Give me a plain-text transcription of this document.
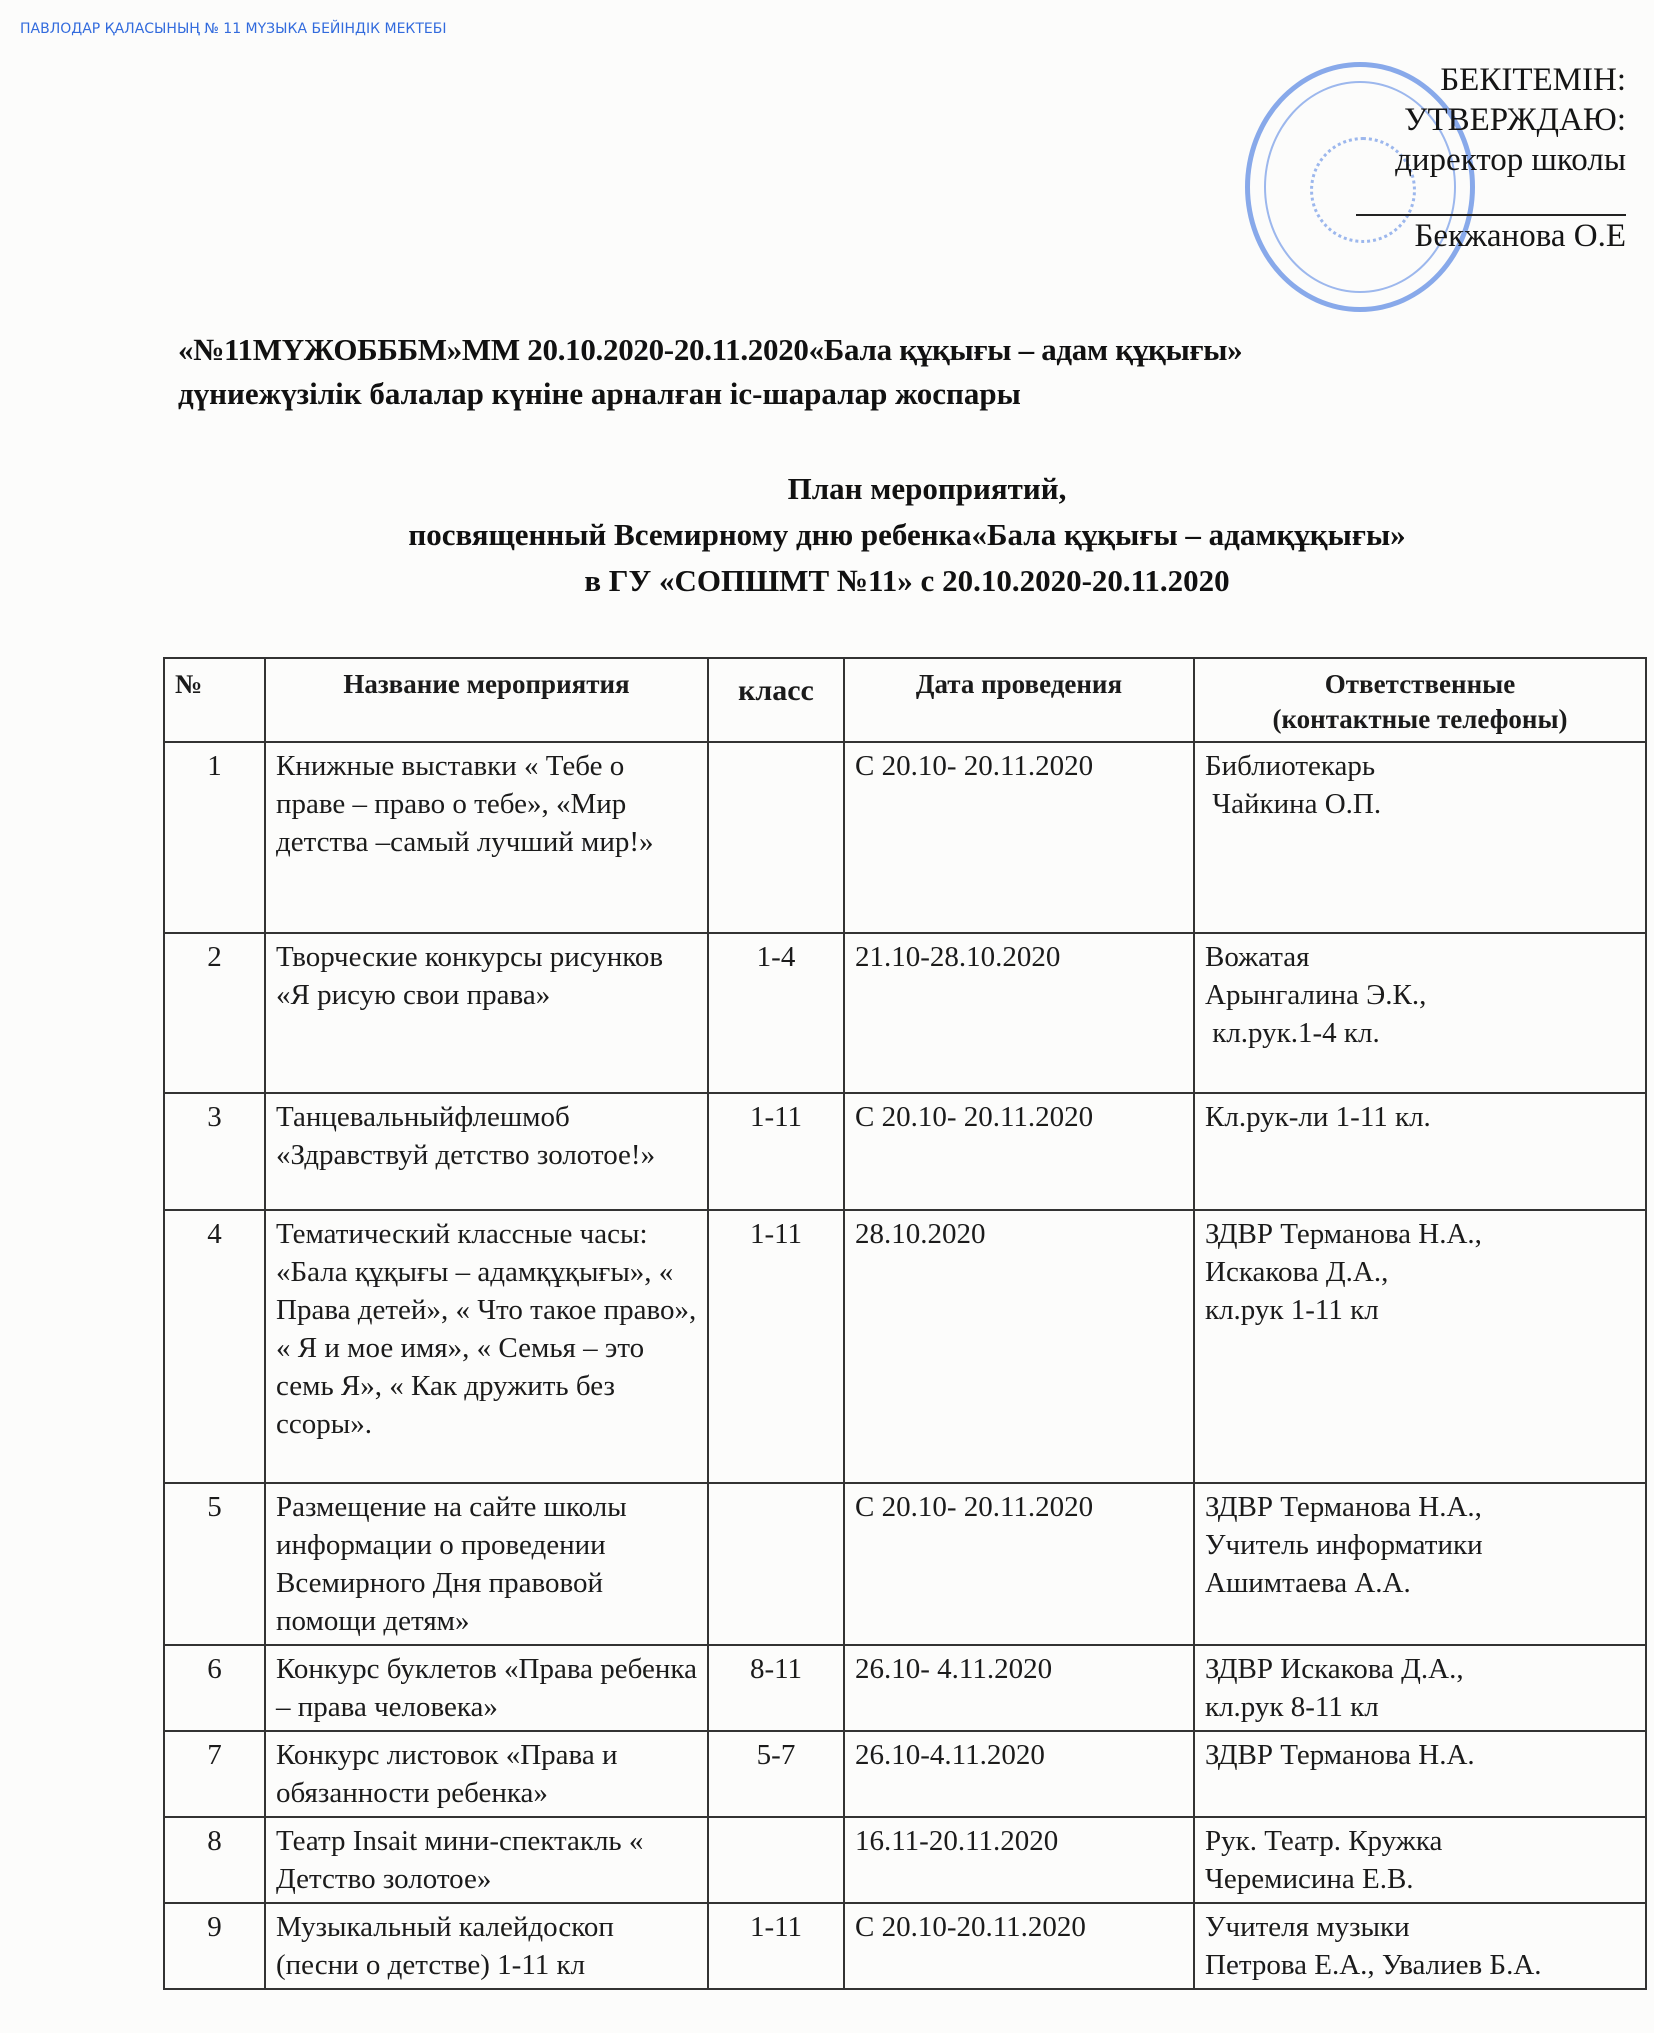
ПАВЛОДАР ҚАЛАСЫНЫҢ № 11 МҮЗЫКА БЕЙІНДІК МЕКТЕБІ
БЕКІТЕМІН:
УТВЕРЖДАЮ:
директор школы
Бекжанова О.Е
«№11МҮЖОБББМ»ММ 20.10.2020-20.11.2020«Бала құқығы – адам құқығы»
дүниежүзілік балалар күніне арналған іс-шаралар жоспары
План мероприятий,
посвященный Всемирному дню ребенка«Бала құқығы – адамқұқығы»
в ГУ «СОПШМТ №11» с 20.10.2020-20.11.2020
№	Название мероприятия	класс	Дата проведения	Ответственные
(контактные телефоны)

1	Книжные выставки « Тебе о праве – право о тебе», «Мир детства –самый лучший мир!»		С 20.10- 20.11.2020	Библиотекарь
Чайкина О.П.

2	Творческие конкурсы рисунков «Я рисую свои права»	1-4	21.10-28.10.2020	Вожатая
Арынгалина Э.К.,
кл.рук.1-4 кл.

3	Танцевальныйфлешмоб «Здравствуй детство золотое!»	1-11	С 20.10- 20.11.2020	Кл.рук-ли 1-11 кл.

4	Тематический классные часы: «Бала құқығы – адамқұқығы», « Права детей», « Что такое право», « Я и мое имя», « Семья – это семь Я», « Как дружить без ссоры».	1-11	28.10.2020	ЗДВР Терманова Н.А.,
Искакова Д.А.,
кл.рук 1-11 кл

5	Размещение на сайте школы информации о проведении Всемирного Дня правовой помощи детям»		С 20.10- 20.11.2020	ЗДВР Терманова Н.А.,
Учитель информатики
Ашимтаева А.А.

6	Конкурс буклетов «Права ребенка – права человека»	8-11	26.10- 4.11.2020	ЗДВР Искакова Д.А.,
кл.рук 8-11 кл

7	Конкурс листовок «Права и обязанности ребенка»	5-7	26.10-4.11.2020	ЗДВР Терманова Н.А.

8	Театр Insait мини-спектакль « Детство золотое»		16.11-20.11.2020	Рук. Театр. Кружка
Черемисина Е.В.

9	Музыкальный калейдоскоп (песни о детстве) 1-11 кл	1-11	С 20.10-20.11.2020	Учителя музыки
Петрова Е.А., Увалиев Б.А.
